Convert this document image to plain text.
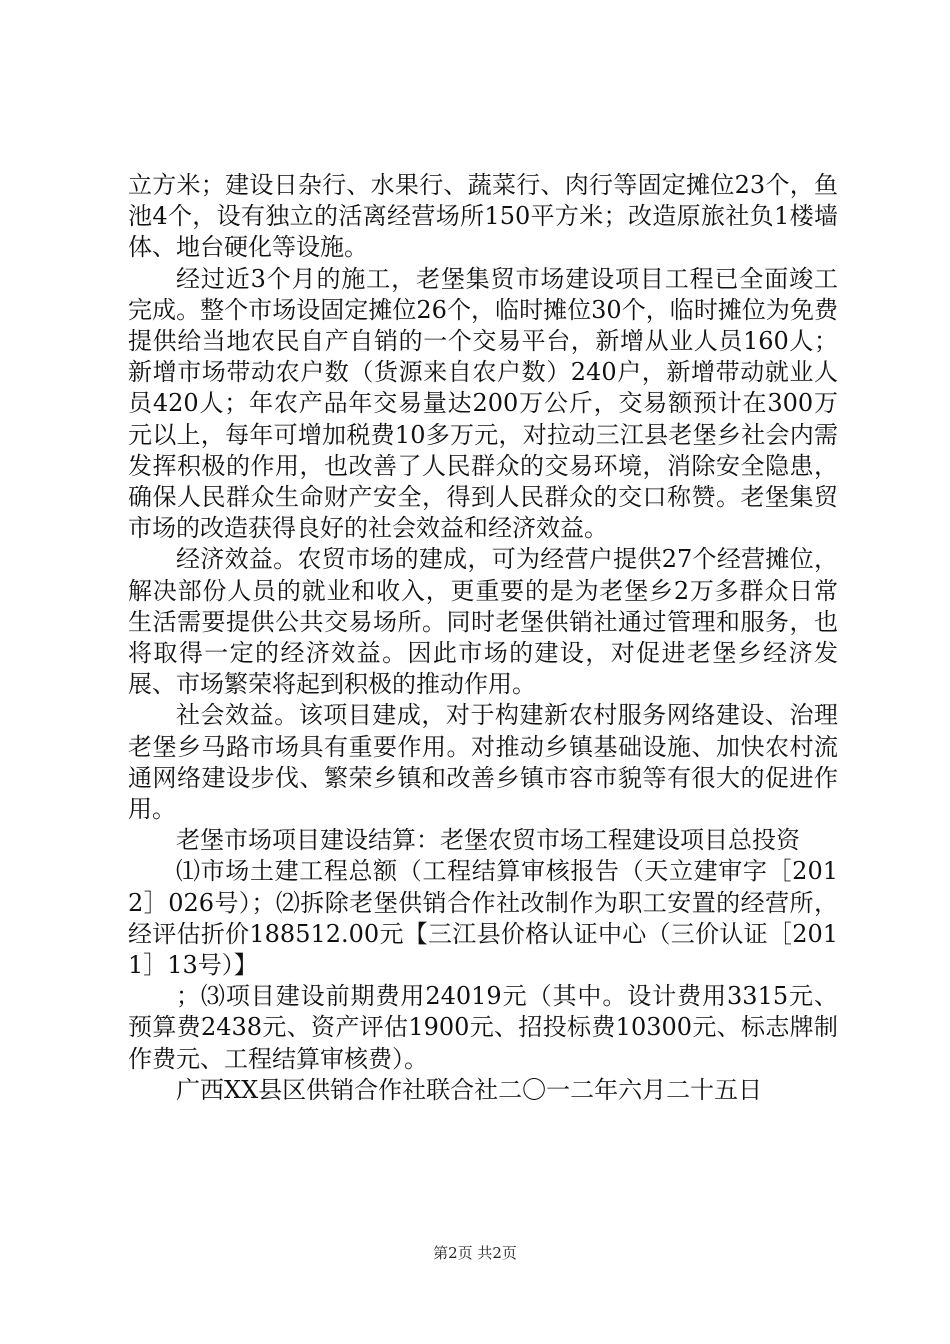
立方米；建设日杂行、水果行、蔬菜行、肉行等固定摊位23个，鱼池4个，设有独立的活离经营场所150平方米；改造原旅社负1楼墙体、地台硬化等设施。

经过近3个月的施工，老堡集贸市场建设项目工程已全面竣工完成。整个市场设固定摊位26个，临时摊位30个，临时摊位为免费提供给当地农民自产自销的一个交易平台，新增从业人员160人；新增市场带动农户数（货源来自农户数）240户，新增带动就业人员420人；年农产品年交易量达200万公斤，交易额预计在300万元以上，每年可增加税费10多万元，对拉动三江县老堡乡社会内需发挥积极的作用，也改善了人民群众的交易环境，消除安全隐患，确保人民群众生命财产安全，得到人民群众的交口称赞。老堡集贸市场的改造获得良好的社会效益和经济效益。

经济效益。农贸市场的建成，可为经营户提供27个经营摊位，解决部份人员的就业和收入，更重要的是为老堡乡2万多群众日常生活需要提供公共交易场所。同时老堡供销社通过管理和服务，也将取得一定的经济效益。因此市场的建设，对促进老堡乡经济发展、市场繁荣将起到积极的推动作用。

社会效益。该项目建成，对于构建新农村服务网络建设、治理老堡乡马路市场具有重要作用。对推动乡镇基础设施、加快农村流通网络建设步伐、繁荣乡镇和改善乡镇市容市貌等有很大的促进作用。

老堡市场项目建设结算：老堡农贸市场工程建设项目总投资

⑴市场土建工程总额（工程结算审核报告（天立建审字［2012］026号）；⑵拆除老堡供销合作社改制作为职工安置的经营所，经评估折价188512.00元【三江县价格认证中心（三价认证［2011］13号）】

；⑶项目建设前期费用24019元（其中。设计费用3315元、预算费2438元、资产评估1900元、招投标费10300元、标志牌制作费元、工程结算审核费）。

广西XX县区供销合作社联合社二〇一二年六月二十五日

第2页 共2页
